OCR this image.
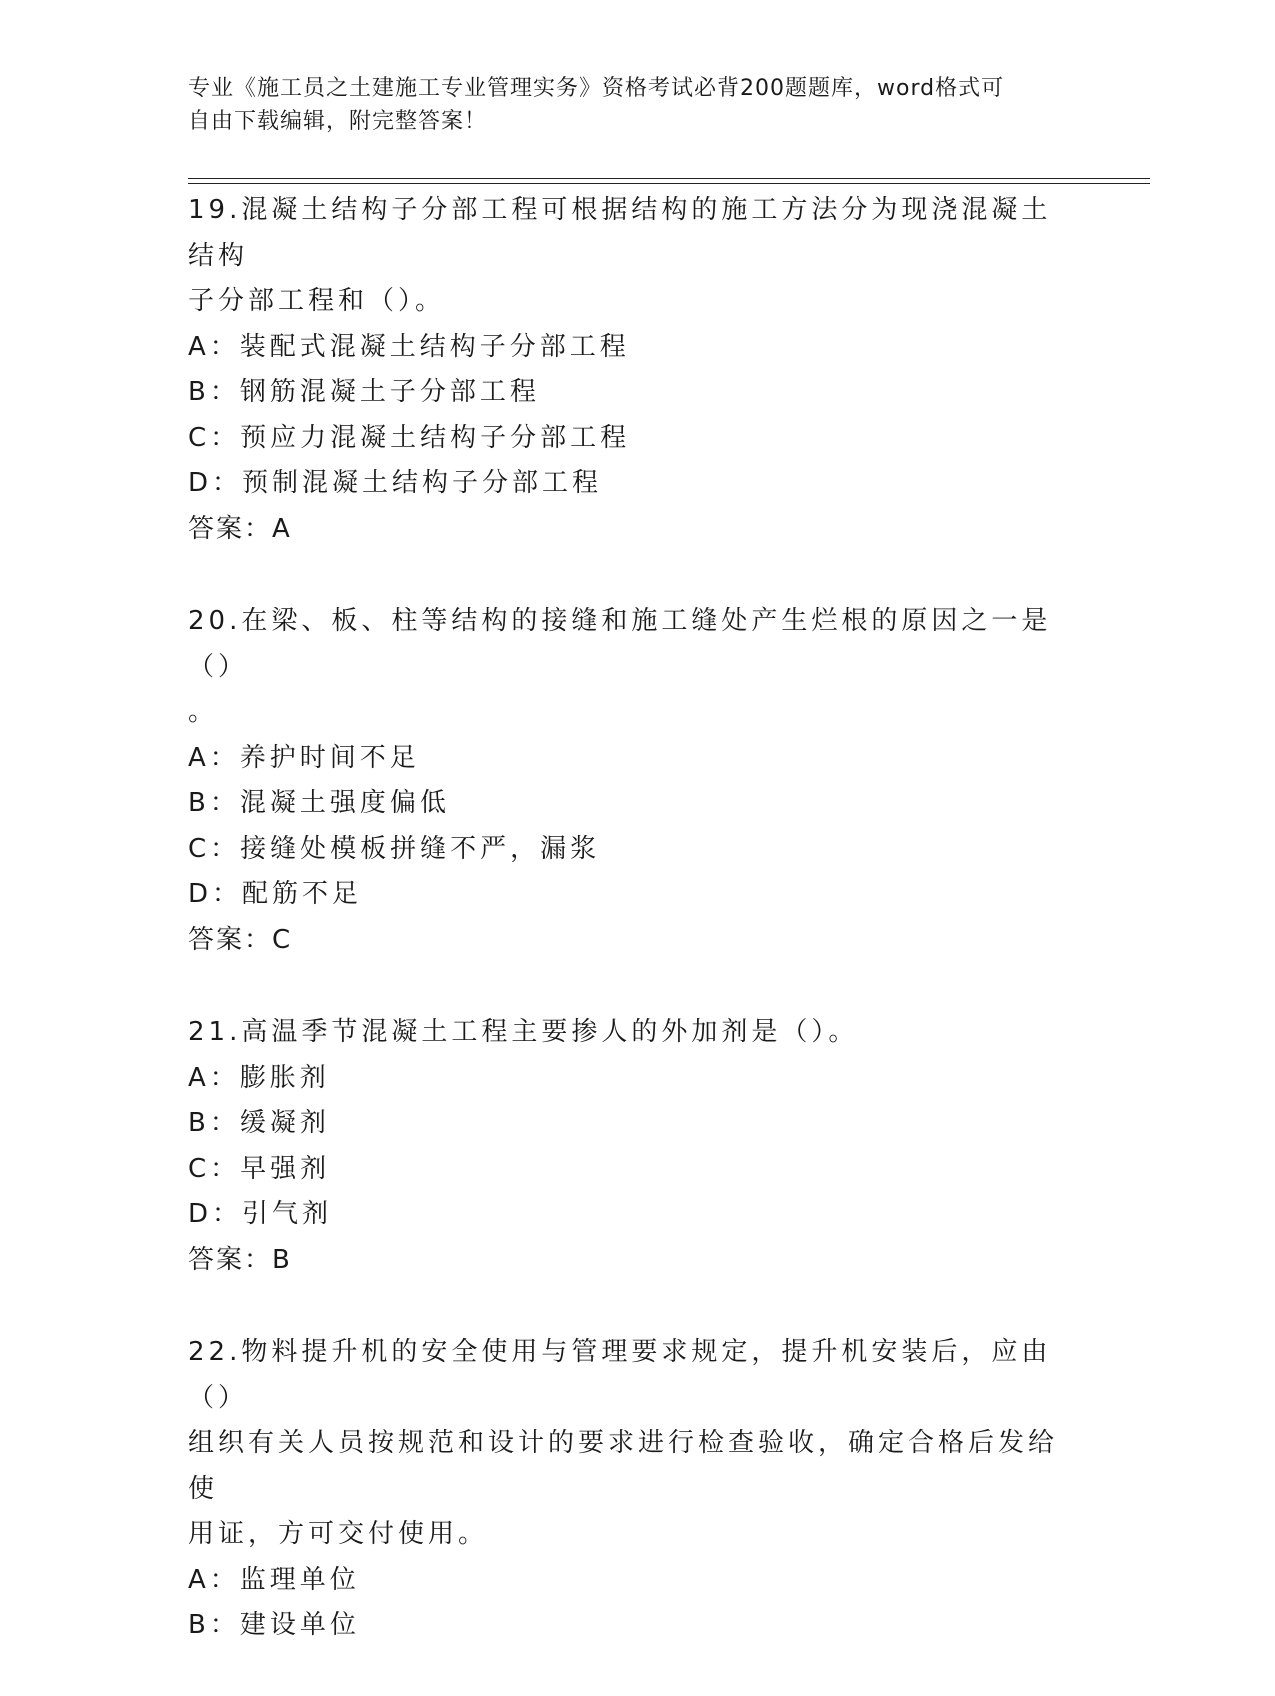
专业《施工员之土建施工专业管理实务》资格考试必背200题题库，word格式可
自由下载编辑，附完整答案！
19.混凝土结构子分部工程可根据结构的施工方法分为现浇混凝土结构
子分部工程和（）。
A：装配式混凝土结构子分部工程
B：钢筋混凝土子分部工程
C：预应力混凝土结构子分部工程
D：预制混凝土结构子分部工程
答案：A
20.在梁、板、柱等结构的接缝和施工缝处产生烂根的原因之一是（）
。
A：养护时间不足
B：混凝土强度偏低
C：接缝处模板拼缝不严，漏浆
D：配筋不足
答案：C
21.高温季节混凝土工程主要掺人的外加剂是（）。
A：膨胀剂
B：缓凝剂
C：早强剂
D：引气剂
答案：B
22.物料提升机的安全使用与管理要求规定，提升机安装后，应由（）
组织有关人员按规范和设计的要求进行检查验收，确定合格后发给使
用证，方可交付使用。
A：监理单位
B：建设单位
